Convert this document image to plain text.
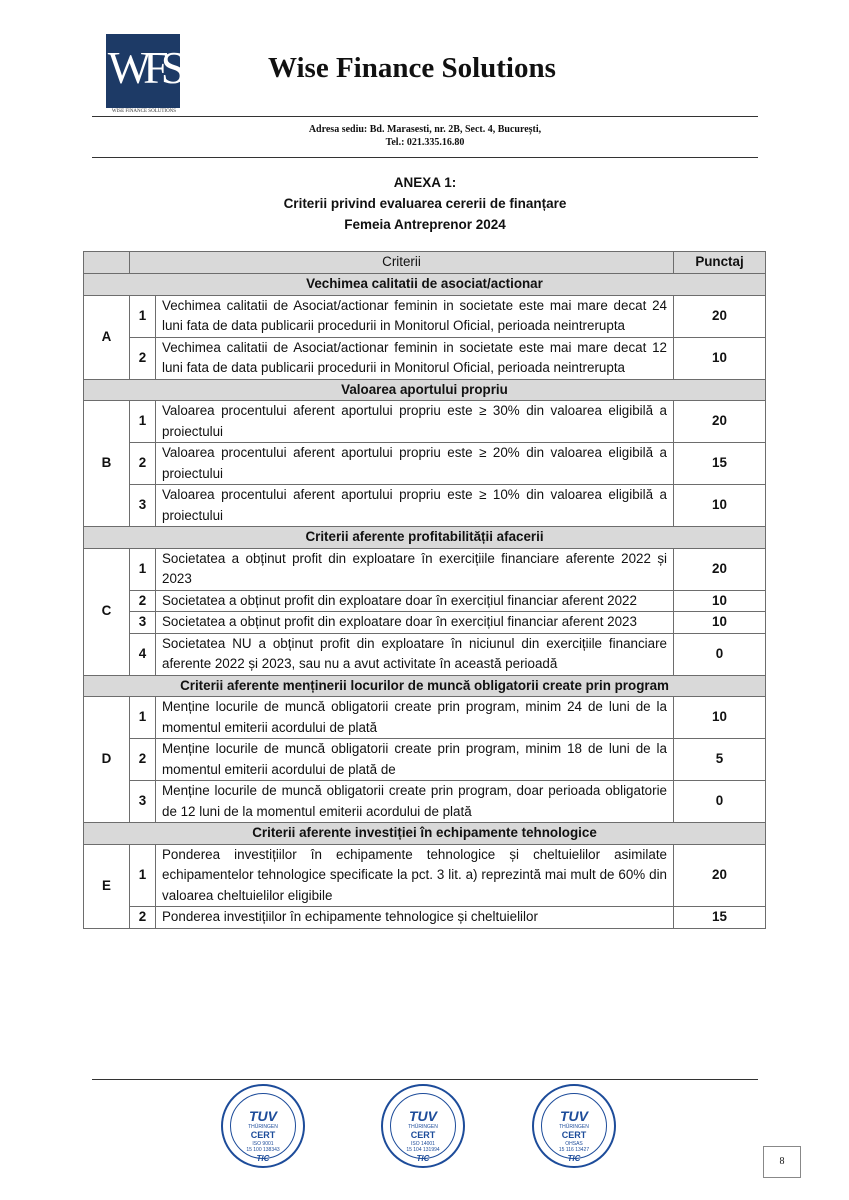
WFS
WISE FINANCE SOLUTIONS
Wise Finance Solutions
Adresa sediu: Bd. Marasesti, nr. 2B, Sect. 4, București,
Tel.: 021.335.16.80
ANEXA 1:
Criterii privind evaluarea cererii de finanțare
Femeia Antreprenor 2024
	Criterii		Punctaj
Vechimea calitatii de asociat/actionar			
A	1	Vechimea calitatii de Asociat/actionar feminin in societate este mai mare decat 24 luni fata de data publicarii procedurii in Monitorul Oficial, perioada neintrerupta	20
	2	Vechimea calitatii de Asociat/actionar feminin in societate este mai mare decat 12 luni fata de data publicarii procedurii in Monitorul Oficial, perioada neintrerupta	10
Valoarea aportului propriu			
B	1	Valoarea procentului aferent aportului propriu este ≥ 30% din valoarea eligibilă a proiectului	20
	2	Valoarea procentului aferent aportului propriu este ≥ 20% din valoarea eligibilă a proiectului	15
	3	Valoarea procentului aferent aportului propriu este ≥ 10% din valoarea eligibilă a proiectului	10
Criterii aferente profitabilității afacerii			
C	1	Societatea a obținut profit din exploatare în exercițiile financiare aferente 2022 și 2023	20
	2	Societatea a obținut profit din exploatare doar în exercițiul financiar aferent 2022	10
	3	Societatea a obținut profit din exploatare doar în exercițiul financiar aferent 2023	10
	4	Societatea NU a obținut profit din exploatare în niciunul din exercițiile financiare aferente 2022 și 2023, sau nu a avut activitate în această perioadă	0
Criterii aferente menținerii locurilor de muncă obligatorii create prin program			
D	1	Menține locurile de muncă obligatorii create prin program, minim 24 de luni de la momentul emiterii acordului de plată	10
	2	Menține locurile de muncă obligatorii create prin program, minim 18 de luni de la momentul emiterii acordului de plată de	5
	3	Menține locurile de muncă obligatorii create prin program, doar perioada obligatorie de 12 luni de la momentul emiterii acordului de plată	0
Criterii aferente investiției în echipamente tehnologice			
E	1	Ponderea investițiilor în echipamente tehnologice și cheltuielilor asimilate echipamentelor tehnologice specificate la pct. 3 lit. a) reprezintă mai mult de 60% din valoarea cheltuielilor eligibile	20
	2	Ponderea investițiilor în echipamente tehnologice și cheltuielilor	15
TUV
THÜRINGEN
CERT
ISO 9001
15 100 138343
TIC
TUV
THÜRINGEN
CERT
ISO 14001
15 104 131994
TIC
TUV
THÜRINGEN
CERT
OHSAS
15 116 13427
TIC	8
